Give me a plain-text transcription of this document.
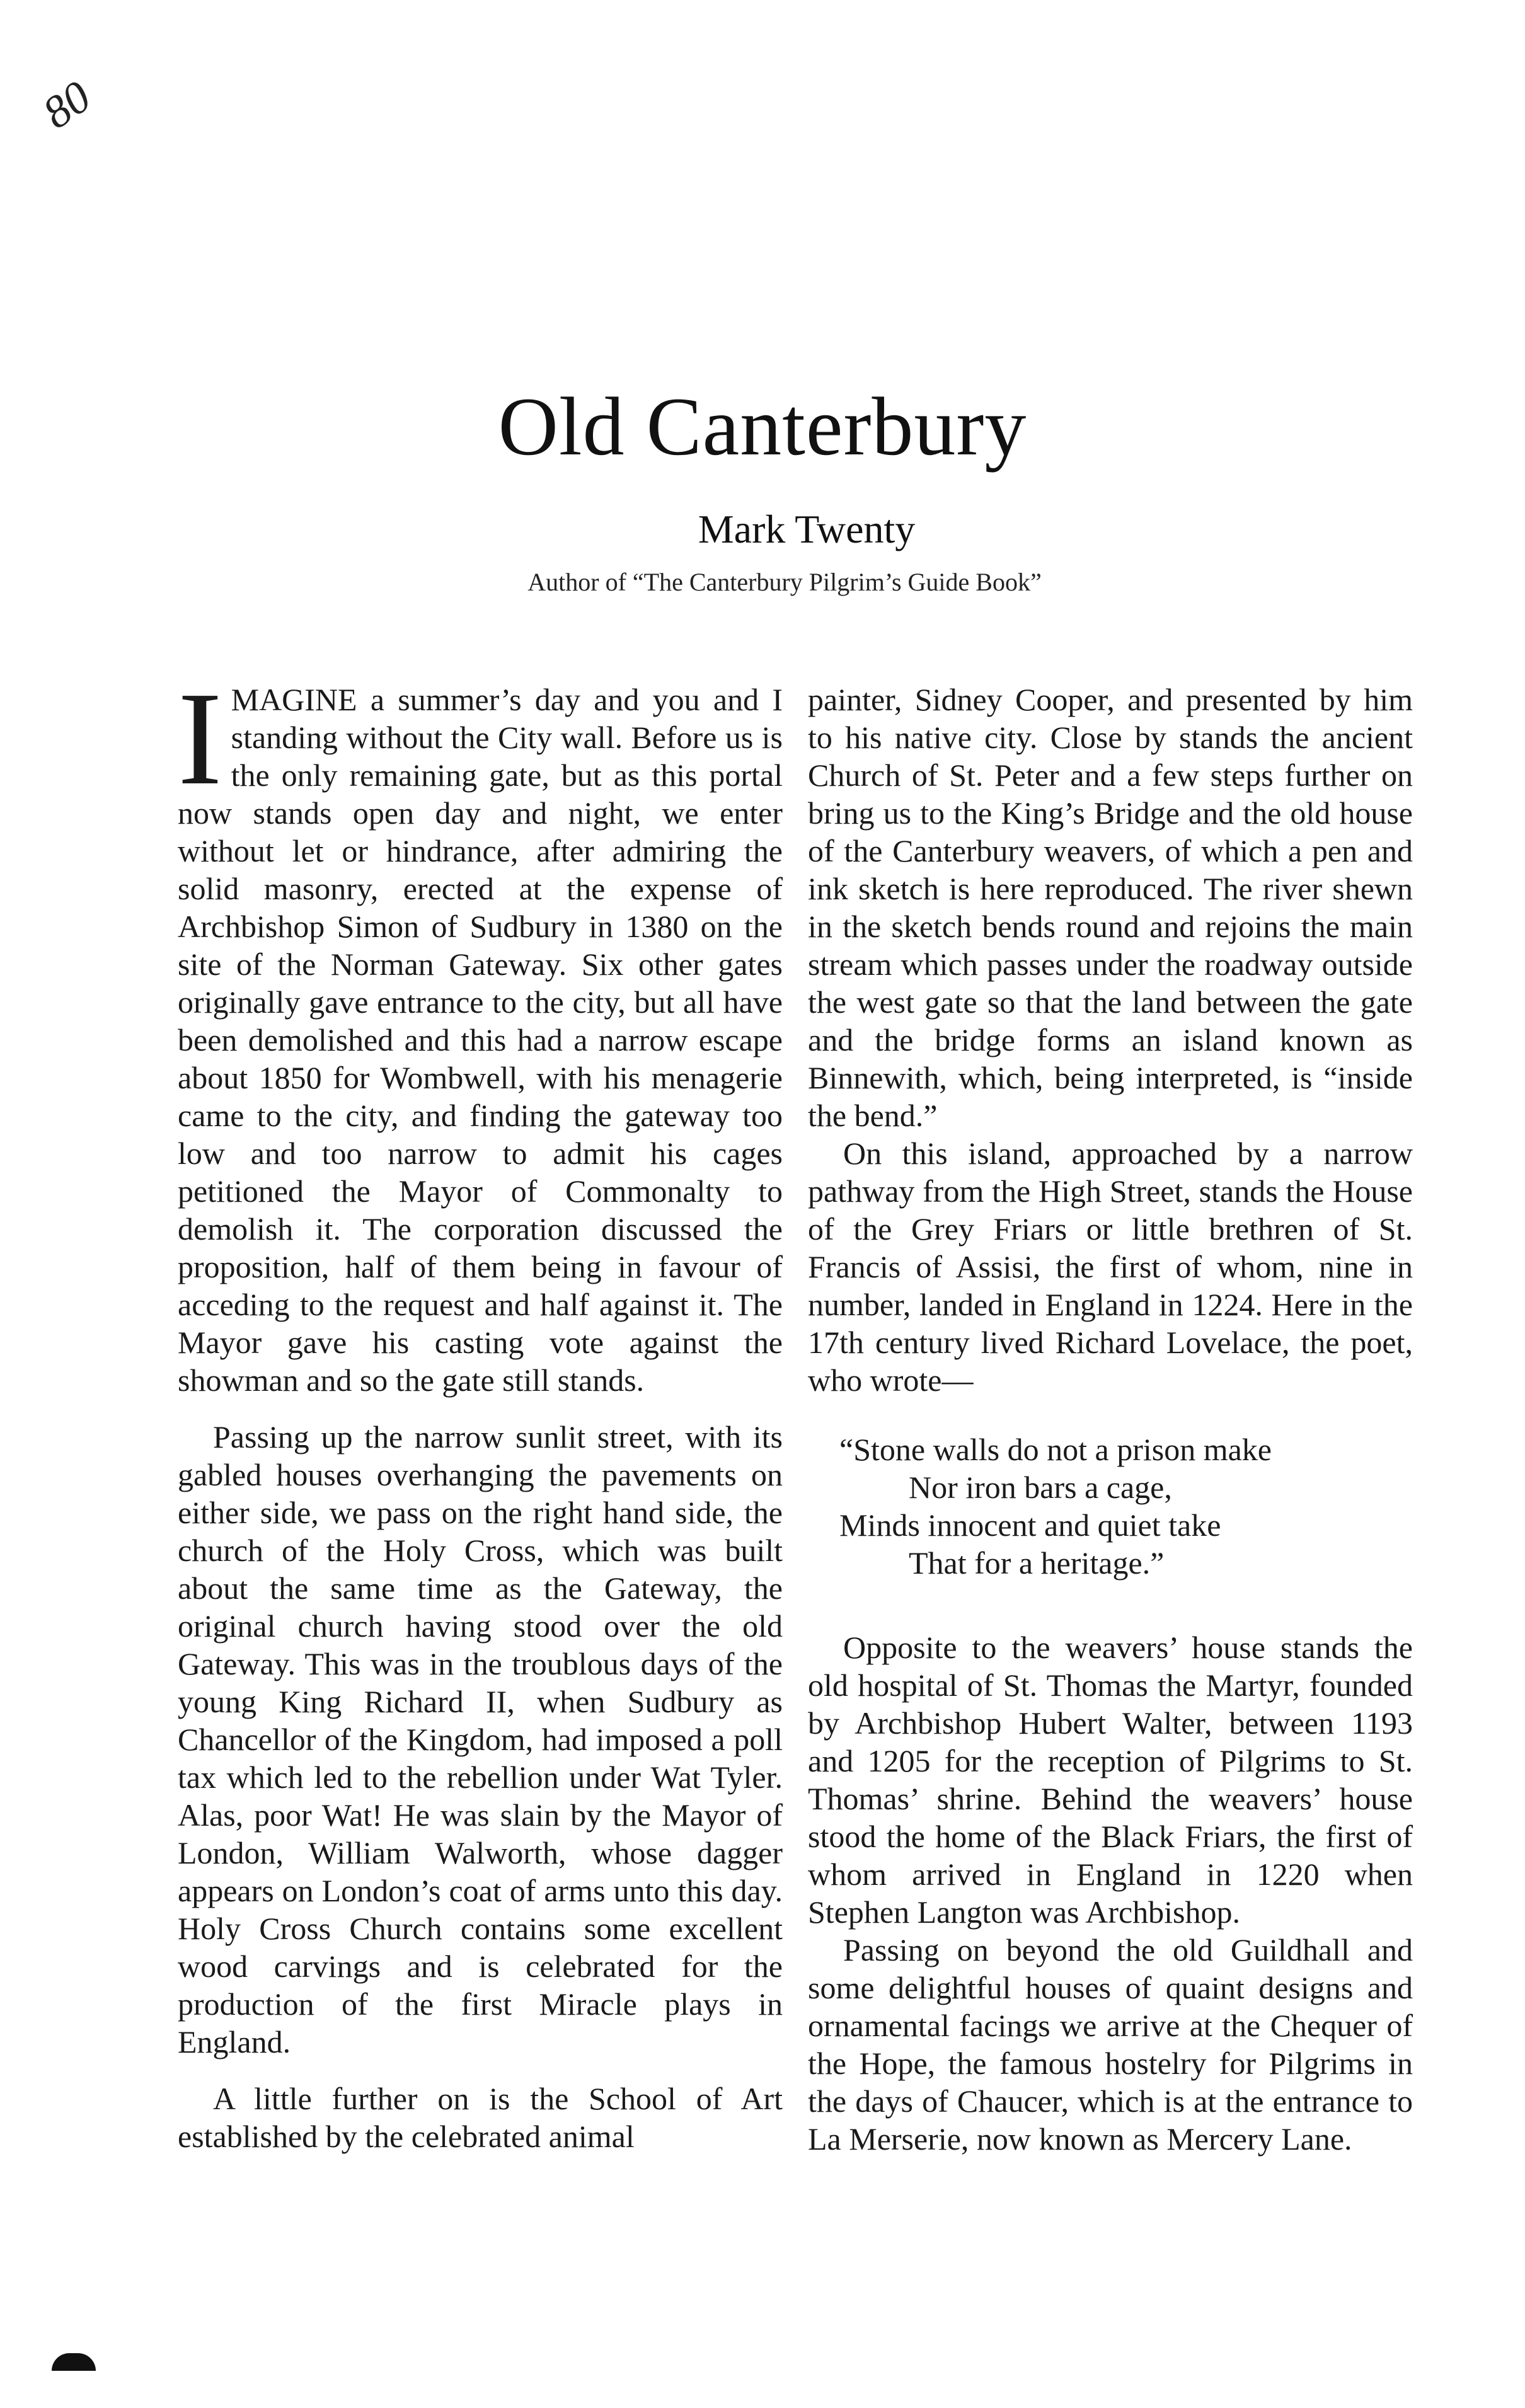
80
Old Canterbury
Mark Twenty
Author of “The Canterbury Pilgrim’s Guide Book”

IMAGINE a summer’s day and you and I standing without the City wall. Before us is the only remaining gate, but as this portal now stands open day and night, we enter without let or hindrance, after admiring the solid masonry, erected at the expense of Archbishop Simon of Sudbury in 1380 on the site of the Norman Gateway. Six other gates originally gave entrance to the city, but all have been demolished and this had a narrow escape about 1850 for Wombwell, with his menagerie came to the city, and finding the gateway too low and too narrow to admit his cages petitioned the Mayor of Commonalty to demolish it. The corporation discussed the proposition, half of them being in favour of acceding to the request and half against it. The Mayor gave his casting vote against the showman and so the gate still stands.

Passing up the narrow sunlit street, with its gabled houses overhanging the pavements on either side, we pass on the right hand side, the church of the Holy Cross, which was built about the same time as the Gateway, the original church having stood over the old Gateway. This was in the troublous days of the young King Richard II, when Sudbury as Chancellor of the Kingdom, had imposed a poll tax which led to the rebellion under Wat Tyler. Alas, poor Wat! He was slain by the Mayor of London, William Walworth, whose dagger appears on London’s coat of arms unto this day. Holy Cross Church contains some excellent wood carvings and is celebrated for the production of the first Miracle plays in England.

A little further on is the School of Art established by the celebrated animal

painter, Sidney Cooper, and presented by him to his native city. Close by stands the ancient Church of St. Peter and a few steps further on bring us to the King’s Bridge and the old house of the Canterbury weavers, of which a pen and ink sketch is here reproduced. The river shewn in the sketch bends round and rejoins the main stream which passes under the roadway outside the west gate so that the land between the gate and the bridge forms an island known as Binnewith, which, being interpreted, is “inside the bend.”

On this island, approached by a narrow pathway from the High Street, stands the House of the Grey Friars or little brethren of St. Francis of Assisi, the first of whom, nine in number, landed in England in 1224. Here in the 17th century lived Richard Lovelace, the poet, who wrote—

“Stone walls do not a prison make
Nor iron bars a cage,
Minds innocent and quiet take
That for a heritage.”

Opposite to the weavers’ house stands the old hospital of St. Thomas the Martyr, founded by Archbishop Hubert Walter, between 1193 and 1205 for the reception of Pilgrims to St. Thomas’ shrine. Behind the weavers’ house stood the home of the Black Friars, the first of whom arrived in England in 1220 when Stephen Langton was Archbishop.

Passing on beyond the old Guildhall and some delightful houses of quaint designs and ornamental facings we arrive at the Chequer of the Hope, the famous hostelry for Pilgrims in the days of Chaucer, which is at the entrance to La Merserie, now known as Mercery Lane.
